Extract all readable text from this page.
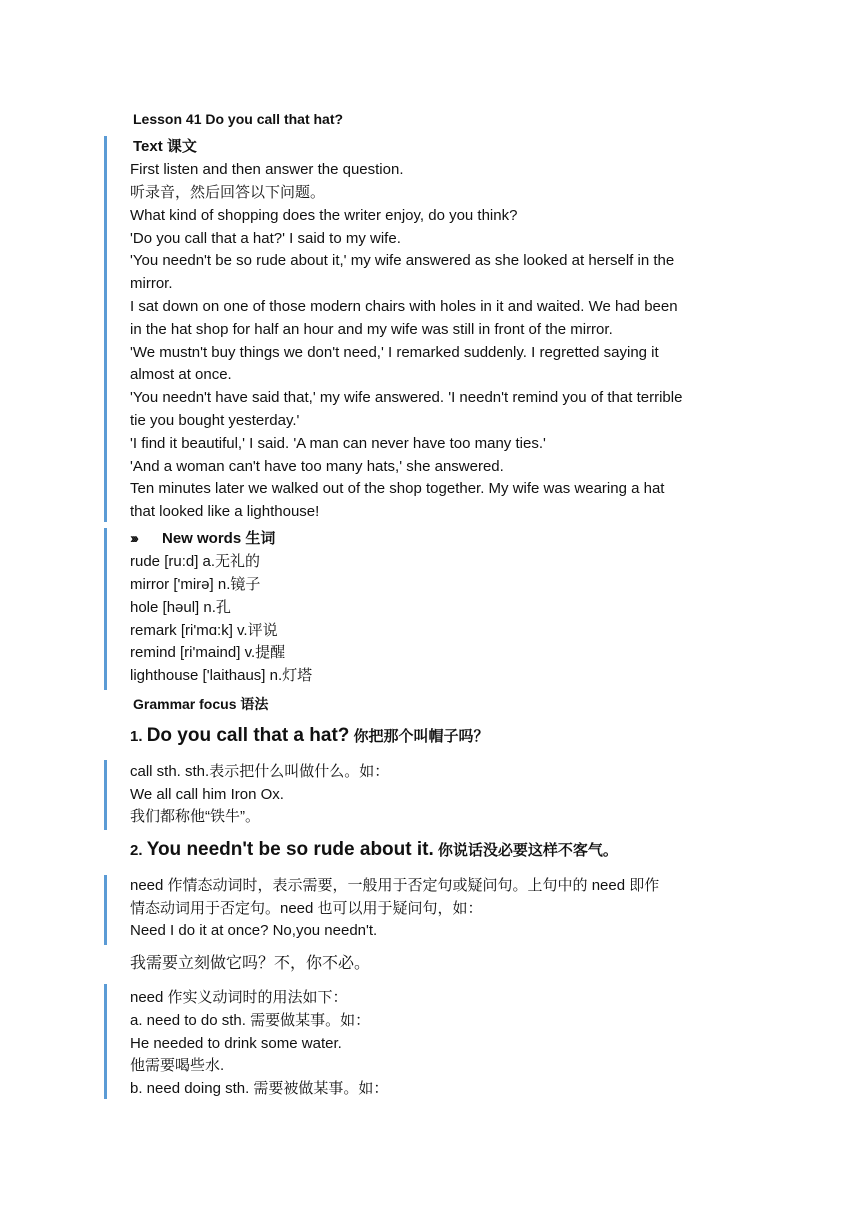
Lesson 41 Do you call that hat?
Text 课文
First listen and then answer the question.
听录音，然后回答以下问题。
What kind of shopping does the writer enjoy, do you think?
'Do you call that a hat?' I said to my wife.
'You needn't be so rude about it,' my wife answered as she looked at herself in the
mirror.
I sat down on one of those modern chairs with holes in it and waited. We had been
in the hat shop for half an hour and my wife was still in front of the mirror.
'We mustn't buy things we don't need,' I remarked suddenly. I regretted saying it
almost at once.
'You needn't have said that,' my wife answered. 'I needn't remind you of that terrible
tie you bought yesterday.'
'I find it beautiful,' I said. 'A man can never have too many ties.'
'And a woman can't have too many hats,' she answered.
Ten minutes later we walked out of the shop together. My wife was wearing a hat
that looked like a lighthouse!
››› New words 生词
rude [ru:d] a.无礼的
mirror ['mirə] n.镜子
hole [həul] n.孔
remark [ri'mɑ:k] v.评说
remind [ri'maind] v.提醒
lighthouse ['laithaus] n.灯塔
Grammar focus 语法
1. Do you call that a hat? 你把那个叫帽子吗？
call sth. sth.表示把什么叫做什么。如：
We all call him Iron Ox.
我们都称他“铁牛”。
2. You needn't be so rude about it. 你说话没必要这样不客气。
need 作情态动词时，表示需要，一般用于否定句或疑问句。上句中的 need 即作
情态动词用于否定句。need 也可以用于疑问句，如：
Need I do it at once? No,you needn't.
我需要立刻做它吗？不，你不必。
need 作实义动词时的用法如下：
a. need to do sth. 需要做某事。如：
He needed to drink some water.
他需要喝些水.
b. need doing sth. 需要被做某事。如：
